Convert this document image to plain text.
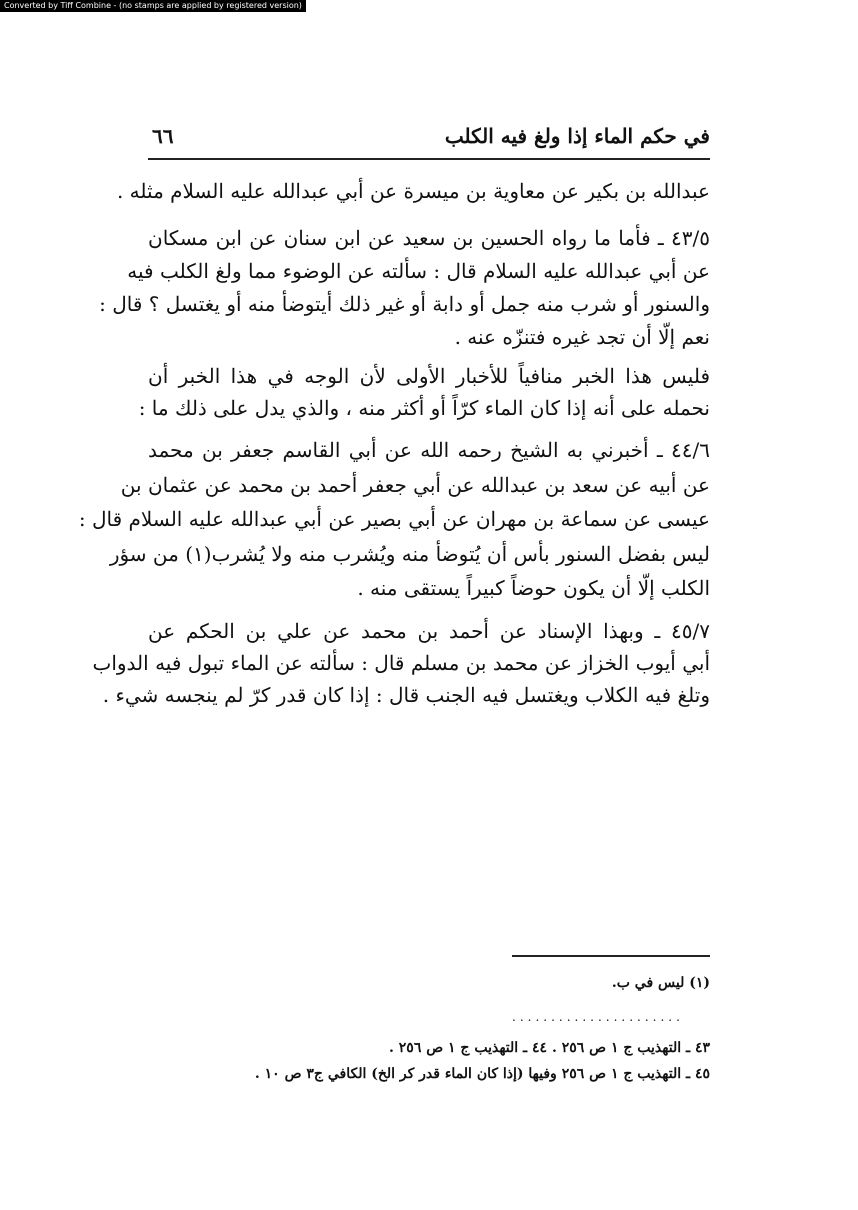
Converted by Tiff Combine - (no stamps are applied by registered version)
في حكم الماء إذا ولغ فيه الكلب
٦٦
عبدالله بن بكير عن معاوية بن ميسرة عن أبي عبدالله عليه السلام مثله .
٤٣/٥ ـ فأما ما رواه الحسين بن سعيد عن ابن سنان عن ابن مسكان
عن أبي عبدالله عليه السلام قال : سألته عن الوضوء مما ولغ الكلب فيه
والسنور أو شرب منه جمل أو دابة أو غير ذلك أيتوضأ منه أو يغتسل ؟ قال :
نعم إلّا أن تجد غيره فتنزّه عنه .
فليس هذا الخبر منافياً للأخبار الأولى لأن الوجه في هذا الخبر أن
نحمله على أنه إذا كان الماء كرّاً أو أكثر منه ، والذي يدل على ذلك ما :
٤٤/٦ ـ أخبرني به الشيخ رحمه الله عن أبي القاسم جعفر بن محمد
عن أبيه عن سعد بن عبدالله عن أبي جعفر أحمد بن محمد عن عثمان بن
عيسى عن سماعة بن مهران عن أبي بصير عن أبي عبدالله عليه السلام قال :
ليس بفضل السنور بأس أن يُتوضأ منه ويُشرب منه ولا يُشرب(١) من سؤر
الكلب إلّا أن يكون حوضاً كبيراً يستقى منه .
٤٥/٧ ـ وبهذا الإسناد عن أحمد بن محمد عن علي بن الحكم عن
أبي أيوب الخزاز عن محمد بن مسلم قال : سألته عن الماء تبول فيه الدواب
وتلغ فيه الكلاب ويغتسل فيه الجنب قال : إذا كان قدر كرّ لم ينجسه شيء .
(١) ليس في ب.
......................
٤٣ ـ التهذيب ج ١ ص ٢٥٦ . ٤٤ ـ التهذيب ج ١ ص ٢٥٦ .
٤٥ ـ التهذيب ج ١ ص ٢٥٦ وفيها (إذا كان الماء قدر كر الخ) الكافي ج٣ ص ١٠ .
